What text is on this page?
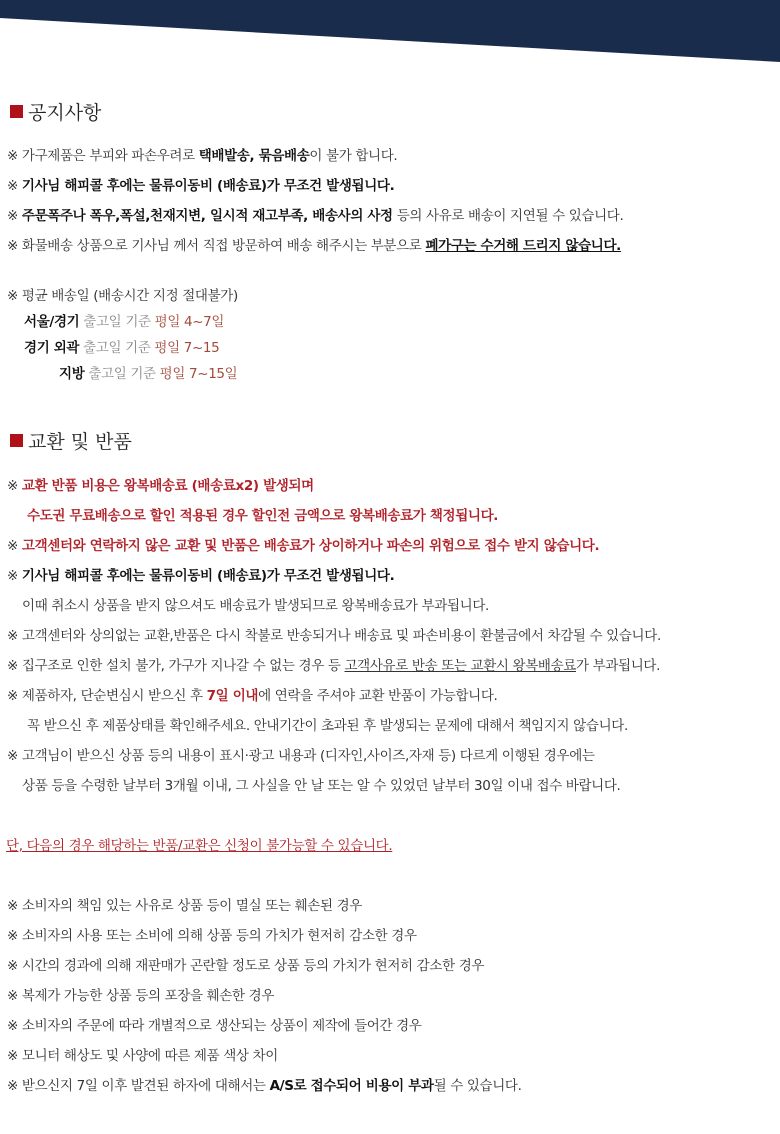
공지사항
※ 가구제품은 부피와 파손우려로 택배발송, 묶음배송이 불가 합니다.
※ 기사님 해피콜 후에는 물류이동비 (배송료)가 무조건 발생됩니다.
※ 주문폭주나 폭우,폭설,천재지변, 일시적 재고부족, 배송사의 사정 등의 사유로 배송이 지연될 수 있습니다.
※ 화물배송 상품으로 기사님 께서 직접 방문하여 배송 해주시는 부분으로 폐가구는 수거해 드리지 않습니다.
※ 평균 배송일 (배송시간 지정 절대불가)
서울/경기 출고일 기준 평일 4~7일
경기 외곽 출고일 기준 평일 7~15
지방 출고일 기준 평일 7~15일
교환 및 반품
※ 교환 반품 비용은 왕복배송료 (배송료x2) 발생되며
수도권 무료배송으로 할인 적용된 경우 할인전 금액으로 왕복배송료가 책정됩니다.
※ 고객센터와 연락하지 않은 교환 및 반품은 배송료가 상이하거나 파손의 위험으로 접수 받지 않습니다.
※ 기사님 해피콜 후에는 물류이동비 (배송료)가 무조건 발생됩니다.
이때 취소시 상품을 받지 않으셔도 배송료가 발생되므로 왕복배송료가 부과됩니다.
※ 고객센터와 상의없는 교환,반품은 다시 착불로 반송되거나 배송료 및 파손비용이 환불금에서 차감될 수 있습니다.
※ 집구조로 인한 설치 불가, 가구가 지나갈 수 없는 경우 등 고객사유로 반송 또는 교환시 왕복배송료가 부과됩니다.
※ 제품하자, 단순변심시 받으신 후 7일 이내에 연락을 주셔야 교환 반품이 가능합니다.
꼭 받으신 후 제품상태를 확인해주세요. 안내기간이 초과된 후 발생되는 문제에 대해서 책임지지 않습니다.
※ 고객님이 받으신 상품 등의 내용이 표시·광고 내용과 (디자인,사이즈,자재 등) 다르게 이행된 경우에는
상품 등을 수령한 날부터 3개월 이내, 그 사실을 안 날 또는 알 수 있었던 날부터 30일 이내 접수 바랍니다.
단, 다음의 경우 해당하는 반품/교환은 신청이 불가능할 수 있습니다.
※ 소비자의 책임 있는 사유로 상품 등이 멸실 또는 훼손된 경우
※ 소비자의 사용 또는 소비에 의해 상품 등의 가치가 현저히 감소한 경우
※ 시간의 경과에 의해 재판매가 곤란할 정도로 상품 등의 가치가 현저히 감소한 경우
※ 복제가 가능한 상품 등의 포장을 훼손한 경우
※ 소비자의 주문에 따라 개별적으로 생산되는 상품이 제작에 들어간 경우
※ 모니터 해상도 및 사양에 따른 제품 색상 차이
※ 받으신지 7일 이후 발견된 하자에 대해서는 A/S로 접수되어 비용이 부과될 수 있습니다.
